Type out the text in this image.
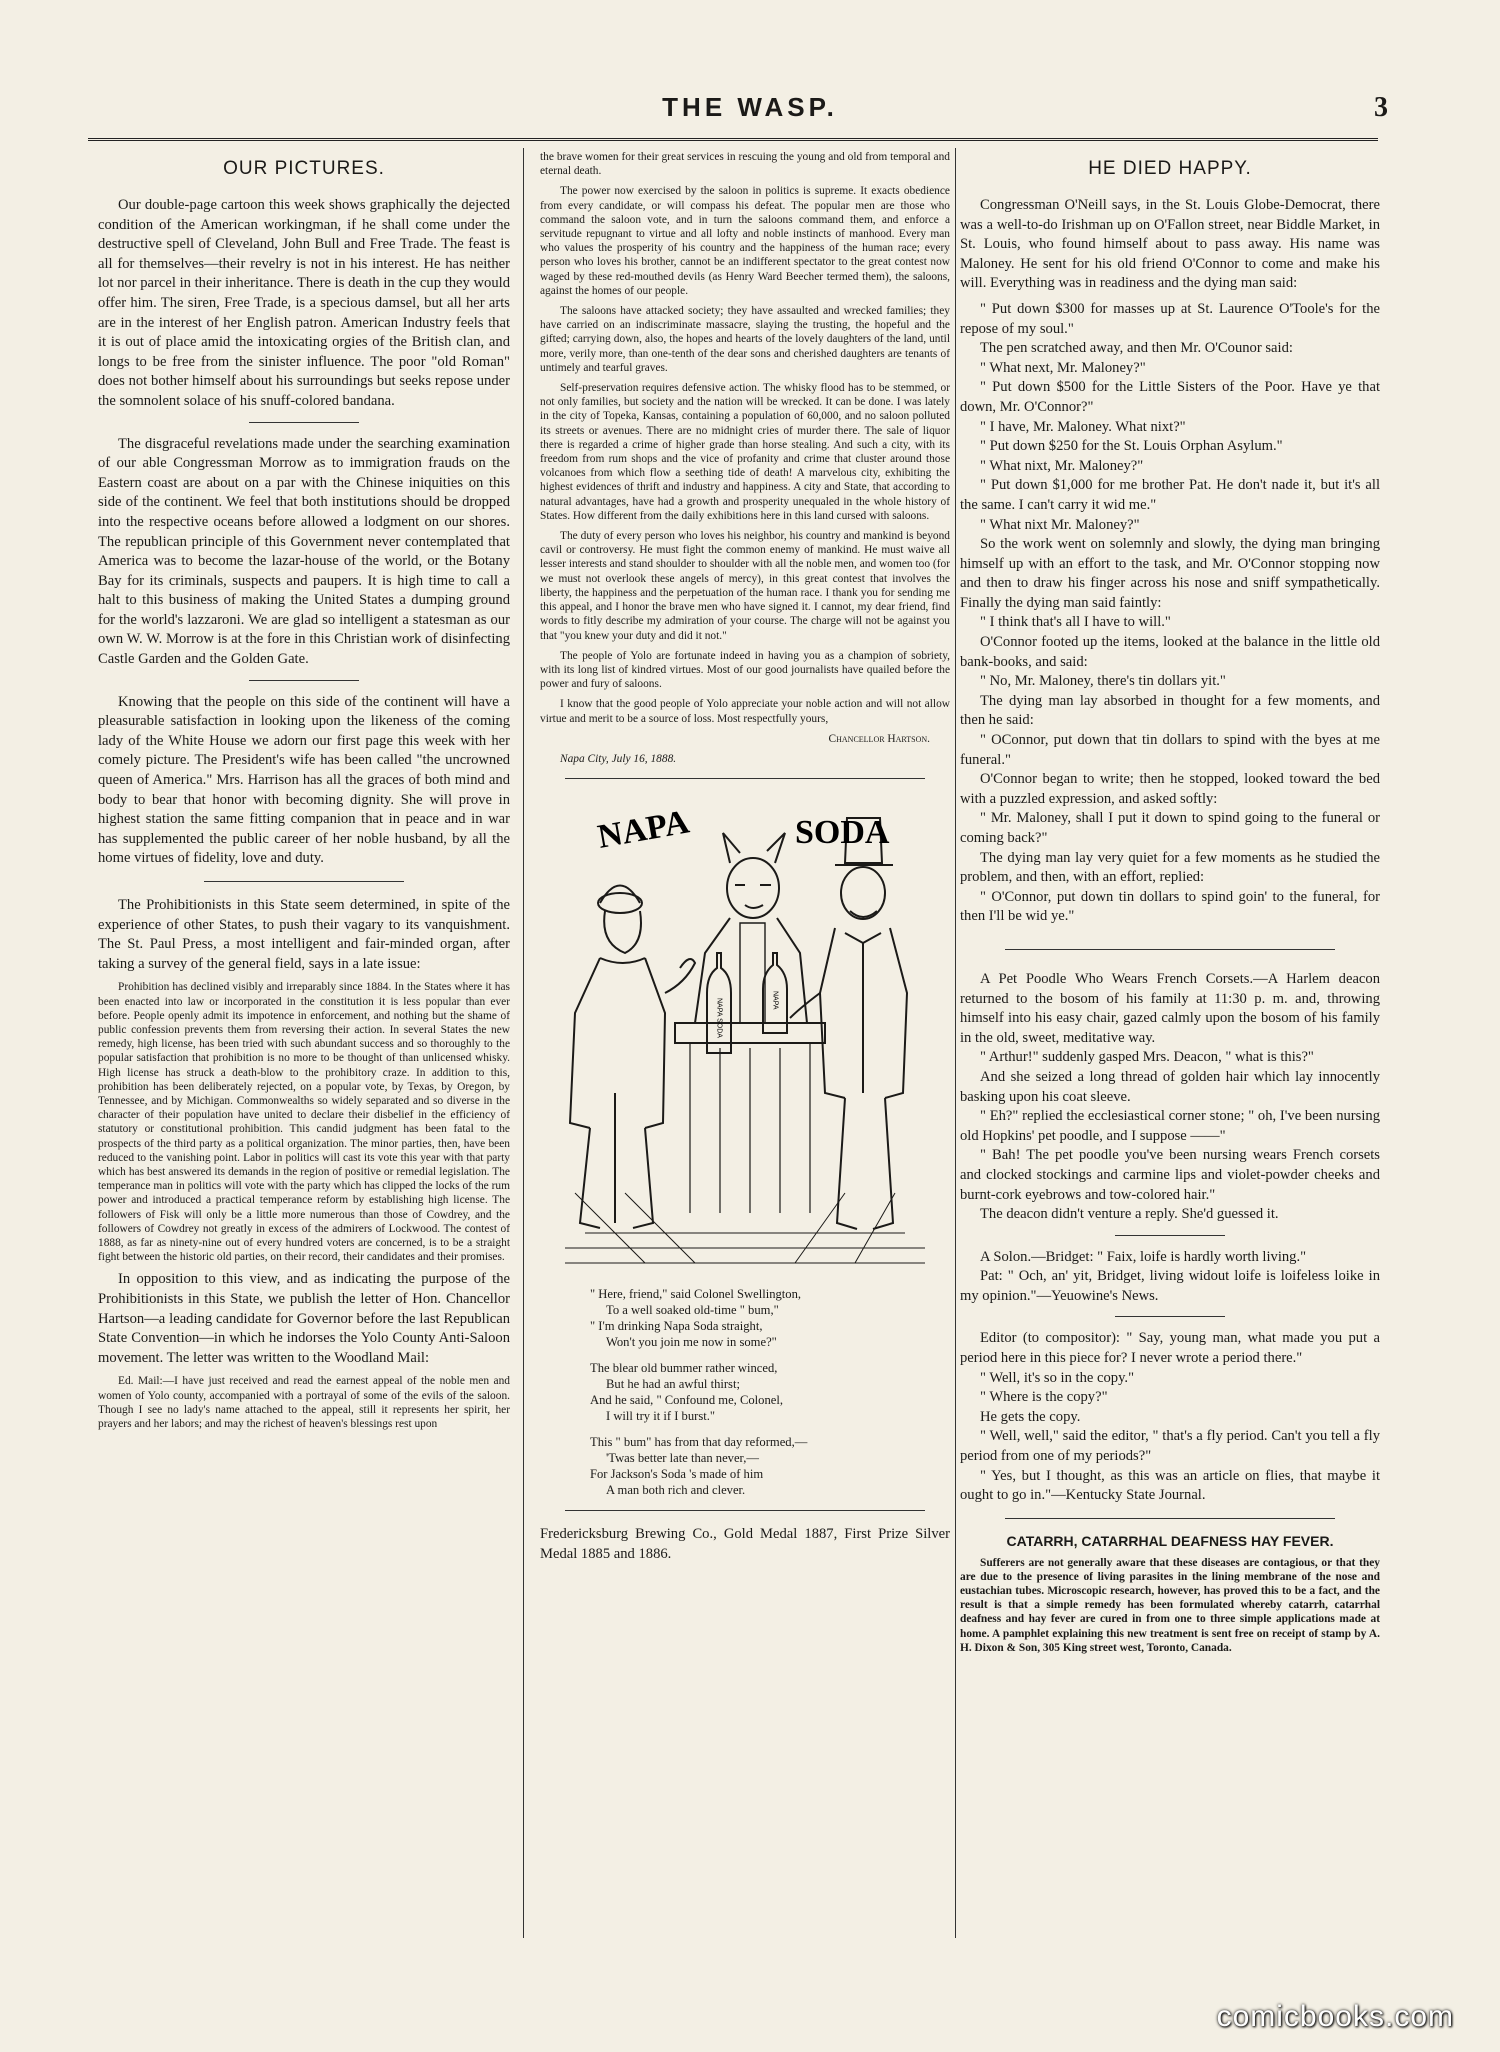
THE WASP.	3
OUR PICTURES.

Our double-page cartoon this week shows graphically the dejected condition of the American workingman, if he shall come under the destructive spell of Cleveland, John Bull and Free Trade. The feast is all for themselves—their revelry is not in his interest. He has neither lot nor parcel in their inheritance. There is death in the cup they would offer him. The siren, Free Trade, is a specious damsel, but all her arts are in the interest of her English patron. American Industry feels that it is out of place amid the intoxicating orgies of the British clan, and longs to be free from the sinister influence. The poor "old Roman" does not bother himself about his surroundings but seeks repose under the somnolent solace of his snuff-colored bandana.

The disgraceful revelations made under the searching examination of our able Congressman Morrow as to immigration frauds on the Eastern coast are about on a par with the Chinese iniquities on this side of the continent. We feel that both institutions should be dropped into the respective oceans before allowed a lodgment on our shores. The republican principle of this Government never contemplated that America was to become the lazar-house of the world, or the Botany Bay for its criminals, suspects and paupers. It is high time to call a halt to this business of making the United States a dumping ground for the world's lazzaroni. We are glad so intelligent a statesman as our own W. W. Morrow is at the fore in this Christian work of disinfecting Castle Garden and the Golden Gate.

Knowing that the people on this side of the continent will have a pleasurable satisfaction in looking upon the likeness of the coming lady of the White House we adorn our first page this week with her comely picture. The President's wife has been called "the uncrowned queen of America." Mrs. Harrison has all the graces of both mind and body to bear that honor with becoming dignity. She will prove in highest station the same fitting companion that in peace and in war has supplemented the public career of her noble husband, by all the home virtues of fidelity, love and duty.

The Prohibitionists in this State seem determined, in spite of the experience of other States, to push their vagary to its vanquishment. The St. Paul Press, a most intelligent and fair-minded organ, after taking a survey of the general field, says in a late issue:

Prohibition has declined visibly and irreparably since 1884. In the States where it has been enacted into law or incorporated in the constitution it is less popular than ever before. People openly admit its impotence in enforcement, and nothing but the shame of public confession prevents them from reversing their action. In several States the new remedy, high license, has been tried with such abundant success and so thoroughly to the popular satisfaction that prohibition is no more to be thought of than unlicensed whisky. High license has struck a death-blow to the prohibitory craze. In addition to this, prohibition has been deliberately rejected, on a popular vote, by Texas, by Oregon, by Tennessee, and by Michigan. Commonwealths so widely separated and so diverse in the character of their population have united to declare their disbelief in the efficiency of statutory or constitutional prohibition. This candid judgment has been fatal to the prospects of the third party as a political organization. The minor parties, then, have been reduced to the vanishing point. Labor in politics will cast its vote this year with that party which has best answered its demands in the region of positive or remedial legislation. The temperance man in politics will vote with the party which has clipped the locks of the rum power and introduced a practical temperance reform by establishing high license. The followers of Fisk will only be a little more numerous than those of Cowdrey, and the followers of Cowdrey not greatly in excess of the admirers of Lockwood. The contest of 1888, as far as ninety-nine out of every hundred voters are concerned, is to be a straight fight between the historic old parties, on their record, their candidates and their promises.

In opposition to this view, and as indicating the purpose of the Prohibitionists in this State, we publish the letter of Hon. Chancellor Hartson—a leading candidate for Governor before the last Republican State Convention—in which he indorses the Yolo County Anti-Saloon movement. The letter was written to the Woodland Mail:

Ed. Mail:—I have just received and read the earnest appeal of the noble men and women of Yolo county, accompanied with a portrayal of some of the evils of the saloon. Though I see no lady's name attached to the appeal, still it represents her spirit, her prayers and her labors; and may the richest of heaven's blessings rest upon

the brave women for their great services in rescuing the young and old from temporal and eternal death.

The power now exercised by the saloon in politics is supreme. It exacts obedience from every candidate, or will compass his defeat. The popular men are those who command the saloon vote, and in turn the saloons command them, and enforce a servitude repugnant to virtue and all lofty and noble instincts of manhood. Every man who values the prosperity of his country and the happiness of the human race; every person who loves his brother, cannot be an indifferent spectator to the great contest now waged by these red-mouthed devils (as Henry Ward Beecher termed them), the saloons, against the homes of our people.

The saloons have attacked society; they have assaulted and wrecked families; they have carried on an indiscriminate massacre, slaying the trusting, the hopeful and the gifted; carrying down, also, the hopes and hearts of the lovely daughters of the land, until more, verily more, than one-tenth of the dear sons and cherished daughters are tenants of untimely and tearful graves.

Self-preservation requires defensive action. The whisky flood has to be stemmed, or not only families, but society and the nation will be wrecked. It can be done. I was lately in the city of Topeka, Kansas, containing a population of 60,000, and no saloon polluted its streets or avenues. There are no midnight cries of murder there. The sale of liquor there is regarded a crime of higher grade than horse stealing. And such a city, with its freedom from rum shops and the vice of profanity and crime that cluster around those volcanoes from which flow a seething tide of death! A marvelous city, exhibiting the highest evidences of thrift and industry and happiness. A city and State, that according to natural advantages, have had a growth and prosperity unequaled in the whole history of States. How different from the daily exhibitions here in this land cursed with saloons.

The duty of every person who loves his neighbor, his country and mankind is beyond cavil or controversy. He must fight the common enemy of mankind. He must waive all lesser interests and stand shoulder to shoulder with all the noble men, and women too (for we must not overlook these angels of mercy), in this great contest that involves the liberty, the happiness and the perpetuation of the human race. I thank you for sending me this appeal, and I honor the brave men who have signed it. I cannot, my dear friend, find words to fitly describe my admiration of your course. The charge will not be against you that "you knew your duty and did it not."

The people of Yolo are fortunate indeed in having you as a champion of sobriety, with its long list of kindred virtues. Most of our good journalists have quailed before the power and fury of saloons.

I know that the good people of Yolo appreciate your noble action and will not allow virtue and merit to be a source of loss. Most respectfully yours,

Chancellor Hartson.
Napa City, July 16, 1888.
NAPA	SODA
NAPA SODA	NAPA
" Here, friend," said Colonel Swellington,
To a well soaked old-time " bum,"
" I'm drinking Napa Soda straight,
Won't you join me now in some?"
The blear old bummer rather winced,
But he had an awful thirst;
And he said, " Confound me, Colonel,
I will try it if I burst."
This " bum" has from that day reformed,—
'Twas better late than never,—
For Jackson's Soda 's made of him
A man both rich and clever.

Fredericksburg Brewing Co., Gold Medal 1887, First Prize Silver Medal 1885 and 1886.

HE DIED HAPPY.

Congressman O'Neill says, in the St. Louis Globe-Democrat, there was a well-to-do Irishman up on O'Fallon street, near Biddle Market, in St. Louis, who found himself about to pass away. His name was Maloney. He sent for his old friend O'Connor to come and make his will. Everything was in readiness and the dying man said:

" Put down $300 for masses up at St. Laurence O'Toole's for the repose of my soul."

The pen scratched away, and then Mr. O'Counor said:

" What next, Mr. Maloney?"

" Put down $500 for the Little Sisters of the Poor. Have ye that down, Mr. O'Connor?"

" I have, Mr. Maloney. What nixt?"

" Put down $250 for the St. Louis Orphan Asylum."

" What nixt, Mr. Maloney?"

" Put down $1,000 for me brother Pat. He don't nade it, but it's all the same. I can't carry it wid me."

" What nixt Mr. Maloney?"

So the work went on solemnly and slowly, the dying man bringing himself up with an effort to the task, and Mr. O'Connor stopping now and then to draw his finger across his nose and sniff sympathetically. Finally the dying man said faintly:

" I think that's all I have to will."

O'Connor footed up the items, looked at the balance in the little old bank-books, and said:

" No, Mr. Maloney, there's tin dollars yit."

The dying man lay absorbed in thought for a few moments, and then he said:

" OConnor, put down that tin dollars to spind with the byes at me funeral."

O'Connor began to write; then he stopped, looked toward the bed with a puzzled expression, and asked softly:

" Mr. Maloney, shall I put it down to spind going to the funeral or coming back?"

The dying man lay very quiet for a few moments as he studied the problem, and then, with an effort, replied:

" O'Connor, put down tin dollars to spind goin' to the funeral, for then I'll be wid ye."

A Pet Poodle Who Wears French Corsets.—A Harlem deacon returned to the bosom of his family at 11:30 p. m. and, throwing himself into his easy chair, gazed calmly upon the bosom of his family in the old, sweet, meditative way.

" Arthur!" suddenly gasped Mrs. Deacon, " what is this?"

And she seized a long thread of golden hair which lay innocently basking upon his coat sleeve.

" Eh?" replied the ecclesiastical corner stone; " oh, I've been nursing old Hopkins' pet poodle, and I suppose ——"

" Bah! The pet poodle you've been nursing wears French corsets and clocked stockings and carmine lips and violet-powder cheeks and burnt-cork eyebrows and tow-colored hair."

The deacon didn't venture a reply. She'd guessed it.

A Solon.—Bridget: " Faix, loife is hardly worth living."

Pat: " Och, an' yit, Bridget, living widout loife is loifeless loike in my opinion."—Yeuowine's News.

Editor (to compositor): " Say, young man, what made you put a period here in this piece for? I never wrote a period there."

" Well, it's so in the copy."

" Where is the copy?"

He gets the copy.

" Well, well," said the editor, " that's a fly period. Can't you tell a fly period from one of my periods?"

" Yes, but I thought, as this was an article on flies, that maybe it ought to go in."—Kentucky State Journal.

CATARRH, CATARRHAL DEAFNESS HAY FEVER.

Sufferers are not generally aware that these diseases are contagious, or that they are due to the presence of living parasites in the lining membrane of the nose and eustachian tubes. Microscopic research, however, has proved this to be a fact, and the result is that a simple remedy has been formulated whereby catarrh, catarrhal deafness and hay fever are cured in from one to three simple applications made at home. A pamphlet explaining this new treatment is sent free on receipt of stamp by A. H. Dixon & Son, 305 King street west, Toronto, Canada.

comicbooks.com
